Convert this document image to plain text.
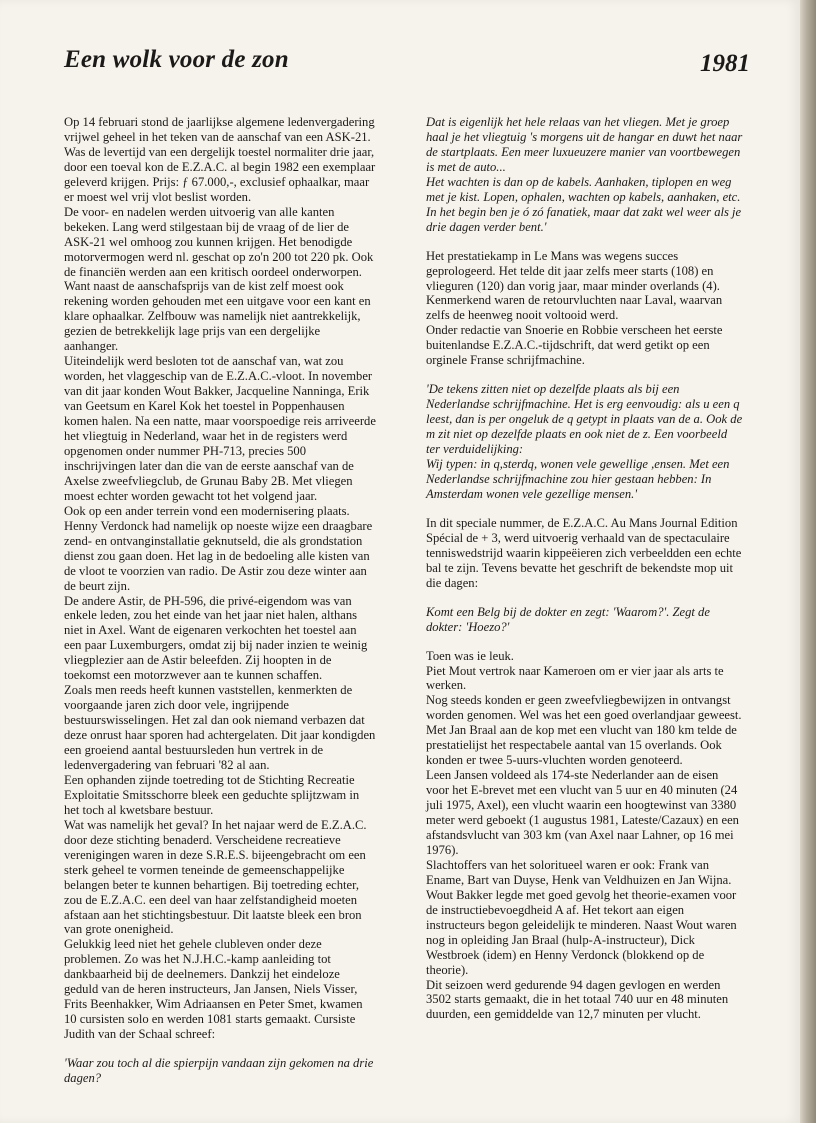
Een wolk voor de zon	1981

Op 14 februari stond de jaarlijkse algemene ledenvergadering vrijwel geheel in het teken van de aanschaf van een ASK-21. Was de levertijd van een dergelijk toestel normaliter drie jaar, door een toeval kon de E.Z.A.C. al begin 1982 een exemplaar geleverd krijgen. Prijs: ƒ 67.000,-, exclusief ophaalkar, maar er moest wel vrij vlot beslist worden.

De voor- en nadelen werden uitvoerig van alle kanten bekeken. Lang werd stilgestaan bij de vraag of de lier de ASK-21 wel omhoog zou kunnen krijgen. Het benodigde motorvermogen werd nl. geschat op zo'n 200 tot 220 pk. Ook de financiën werden aan een kritisch oordeel onderworpen. Want naast de aanschafsprijs van de kist zelf moest ook rekening worden gehouden met een uitgave voor een kant en klare ophaalkar. Zelfbouw was namelijk niet aantrekkelijk, gezien de betrekkelijk lage prijs van een dergelijke aanhanger.

Uiteindelijk werd besloten tot de aanschaf van, wat zou worden, het vlaggeschip van de E.Z.A.C.-vloot. In november van dit jaar konden Wout Bakker, Jacqueline Nanninga, Erik van Geetsum en Karel Kok het toestel in Poppenhausen komen halen. Na een natte, maar voorspoedige reis arriveerde het vliegtuig in Nederland, waar het in de registers werd opgenomen onder nummer PH-713, precies 500 inschrijvingen later dan die van de eerste aanschaf van de Axelse zweefvliegclub, de Grunau Baby 2B. Met vliegen moest echter worden gewacht tot het volgend jaar.

Ook op een ander terrein vond een modernisering plaats. Henny Verdonck had namelijk op noeste wijze een draagbare zend- en ontvanginstallatie geknutseld, die als grondstation dienst zou gaan doen. Het lag in de bedoeling alle kisten van de vloot te voorzien van radio. De Astir zou deze winter aan de beurt zijn.

De andere Astir, de PH-596, die privé-eigendom was van enkele leden, zou het einde van het jaar niet halen, althans niet in Axel. Want de eigenaren verkochten het toestel aan een paar Luxemburgers, omdat zij bij nader inzien te weinig vliegplezier aan de Astir beleefden. Zij hoopten in de toekomst een motorzwever aan te kunnen schaffen.

Zoals men reeds heeft kunnen vaststellen, kenmerkten de voorgaande jaren zich door vele, ingrijpende bestuurswisselingen. Het zal dan ook niemand verbazen dat deze onrust haar sporen had achtergelaten. Dit jaar kondigden een groeiend aantal bestuursleden hun vertrek in de ledenvergadering van februari '82 al aan.

Een ophanden zijnde toetreding tot de Stichting Recreatie Exploitatie Smitsschorre bleek een geduchte splijtzwam in het toch al kwetsbare bestuur.

Wat was namelijk het geval? In het najaar werd de E.Z.A.C. door deze stichting benaderd. Verscheidene recreatieve verenigingen waren in deze S.R.E.S. bijeengebracht om een sterk geheel te vormen teneinde de gemeenschappelijke belangen beter te kunnen behartigen. Bij toetreding echter, zou de E.Z.A.C. een deel van haar zelfstandigheid moeten afstaan aan het stichtingsbestuur. Dit laatste bleek een bron van grote onenigheid.

Gelukkig leed niet het gehele clubleven onder deze problemen. Zo was het N.J.H.C.-kamp aanleiding tot dankbaarheid bij de deelnemers. Dankzij het eindeloze geduld van de heren instructeurs, Jan Jansen, Niels Visser, Frits Beenhakker, Wim Adriaansen en Peter Smet, kwamen 10 cursisten solo en werden 1081 starts gemaakt. Cursiste Judith van der Schaal schreef:

'Waar zou toch al die spierpijn vandaan zijn gekomen na drie dagen?

Dat is eigenlijk het hele relaas van het vliegen. Met je groep haal je het vliegtuig 's morgens uit de hangar en duwt het naar de startplaats. Een meer luxueuzere manier van voortbewegen is met de auto...

Het wachten is dan op de kabels. Aanhaken, tiplopen en weg met je kist. Lopen, ophalen, wachten op kabels, aanhaken, etc. In het begin ben je ó zó fanatiek, maar dat zakt wel weer als je drie dagen verder bent.'

Het prestatiekamp in Le Mans was wegens succes geprologeerd. Het telde dit jaar zelfs meer starts (108) en vlieguren (120) dan vorig jaar, maar minder overlands (4). Kenmerkend waren de retourvluchten naar Laval, waarvan zelfs de heenweg nooit voltooid werd.

Onder redactie van Snoerie en Robbie verscheen het eerste buitenlandse E.Z.A.C.-tijdschrift, dat werd getikt op een orginele Franse schrijfmachine.

'De tekens zitten niet op dezelfde plaats als bij een Nederlandse schrijfmachine. Het is erg eenvoudig: als u een q leest, dan is per ongeluk de q getypt in plaats van de a. Ook de m zit niet op dezelfde plaats en ook niet de z. Een voorbeeld ter verduidelijking:

Wij typen: in q,sterdq, wonen vele gewellige ,ensen. Met een Nederlandse schrijfmachine zou hier gestaan hebben: In Amsterdam wonen vele gezellige mensen.'

In dit speciale nummer, de E.Z.A.C. Au Mans Journal Edition Spécial de + 3, werd uitvoerig verhaald van de spectaculaire tenniswedstrijd waarin kippeëieren zich verbeeldden een echte bal te zijn. Tevens bevatte het geschrift de bekendste mop uit die dagen:

Komt een Belg bij de dokter en zegt: 'Waarom?'. Zegt de dokter: 'Hoezo?'

Toen was ie leuk.

Piet Mout vertrok naar Kameroen om er vier jaar als arts te werken.

Nog steeds konden er geen zweefvliegbewijzen in ontvangst worden genomen. Wel was het een goed overlandjaar geweest. Met Jan Braal aan de kop met een vlucht van 180 km telde de prestatielijst het respectabele aantal van 15 overlands. Ook konden er twee 5-uurs-vluchten worden genoteerd.

Leen Jansen voldeed als 174-ste Nederlander aan de eisen voor het E-brevet met een vlucht van 5 uur en 40 minuten (24 juli 1975, Axel), een vlucht waarin een hoogtewinst van 3380 meter werd geboekt (1 augustus 1981, Lateste/Cazaux) en een afstandsvlucht van 303 km (van Axel naar Lahner, op 16 mei 1976).

Slachtoffers van het soloritueel waren er ook: Frank van Ename, Bart van Duyse, Henk van Veldhuizen en Jan Wijna.

Wout Bakker legde met goed gevolg het theorie-examen voor de instructiebevoegdheid A af. Het tekort aan eigen instructeurs begon geleidelijk te minderen. Naast Wout waren nog in opleiding Jan Braal (hulp-A-instructeur), Dick Westbroek (idem) en Henny Verdonck (blokkend op de theorie).

Dit seizoen werd gedurende 94 dagen gevlogen en werden 3502 starts gemaakt, die in het totaal 740 uur en 48 minuten duurden, een gemiddelde van 12,7 minuten per vlucht.
